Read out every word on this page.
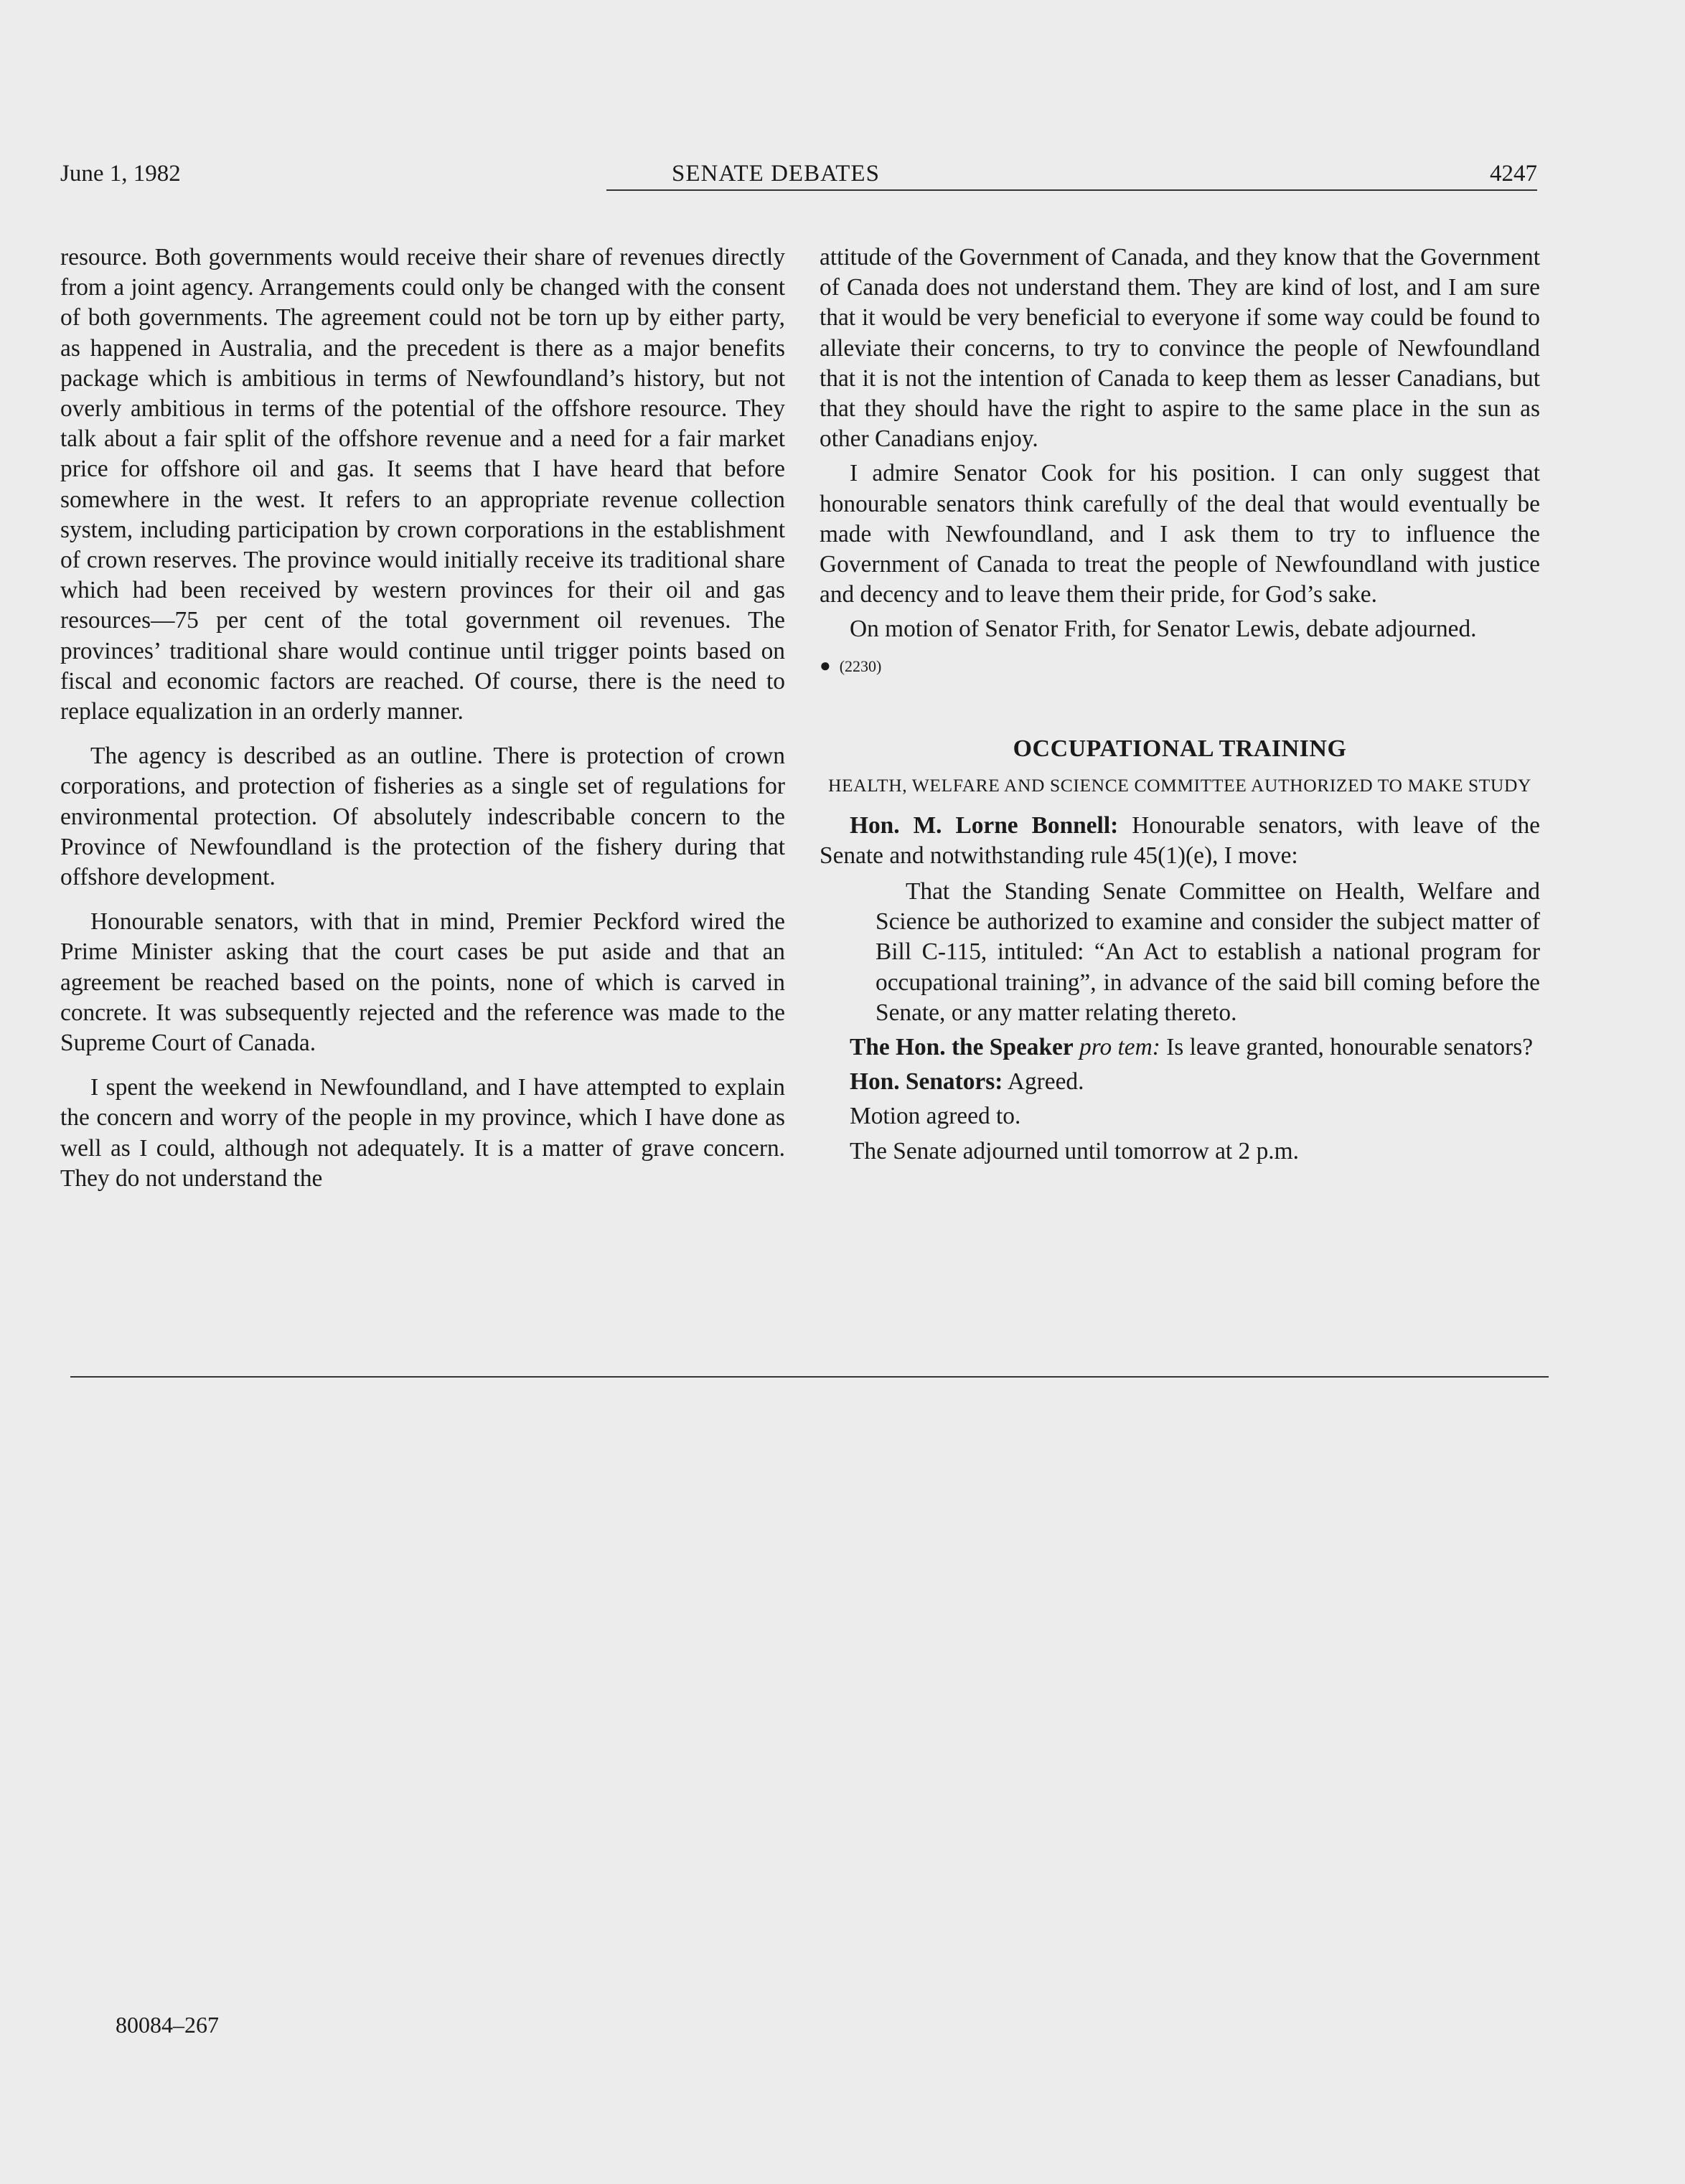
June 1, 1982	SENATE DEBATES	4247

resource. Both governments would receive their share of revenues directly from a joint agency. Arrangements could only be changed with the consent of both governments. The agreement could not be torn up by either party, as happened in Australia, and the precedent is there as a major benefits package which is ambitious in terms of Newfoundland’s history, but not overly ambitious in terms of the potential of the offshore resource. They talk about a fair split of the offshore revenue and a need for a fair market price for offshore oil and gas. It seems that I have heard that before somewhere in the west. It refers to an appropriate revenue collection system, including participation by crown corporations in the establishment of crown reserves. The province would initially receive its traditional share which had been received by western provinces for their oil and gas resources—75 per cent of the total government oil revenues. The provinces’ traditional share would continue until trigger points based on fiscal and economic factors are reached. Of course, there is the need to replace equalization in an orderly manner.

The agency is described as an outline. There is protection of crown corporations, and protection of fisheries as a single set of regulations for environmental protection. Of absolutely indescribable concern to the Province of Newfoundland is the protection of the fishery during that offshore development.

Honourable senators, with that in mind, Premier Peckford wired the Prime Minister asking that the court cases be put aside and that an agreement be reached based on the points, none of which is carved in concrete. It was subsequently rejected and the reference was made to the Supreme Court of Canada.

I spent the weekend in Newfoundland, and I have attempted to explain the concern and worry of the people in my province, which I have done as well as I could, although not adequately. It is a matter of grave concern. They do not understand the

attitude of the Government of Canada, and they know that the Government of Canada does not understand them. They are kind of lost, and I am sure that it would be very beneficial to everyone if some way could be found to alleviate their concerns, to try to convince the people of Newfoundland that it is not the intention of Canada to keep them as lesser Canadians, but that they should have the right to aspire to the same place in the sun as other Canadians enjoy.

I admire Senator Cook for his position. I can only suggest that honourable senators think carefully of the deal that would eventually be made with Newfoundland, and I ask them to try to influence the Government of Canada to treat the people of Newfoundland with justice and decency and to leave them their pride, for God’s sake.

On motion of Senator Frith, for Senator Lewis, debate adjourned.

● (2230)
OCCUPATIONAL TRAINING
HEALTH, WELFARE AND SCIENCE COMMITTEE AUTHORIZED TO MAKE STUDY

Hon. M. Lorne Bonnell: Honourable senators, with leave of the Senate and notwithstanding rule 45(1)(e), I move:

That the Standing Senate Committee on Health, Welfare and Science be authorized to examine and consider the subject matter of Bill C-115, intituled: “An Act to establish a national program for occupational training”, in advance of the said bill coming before the Senate, or any matter relating thereto.

The Hon. the Speaker pro tem: Is leave granted, honourable senators?

Hon. Senators: Agreed.

Motion agreed to.

The Senate adjourned until tomorrow at 2 p.m.

80084–267
